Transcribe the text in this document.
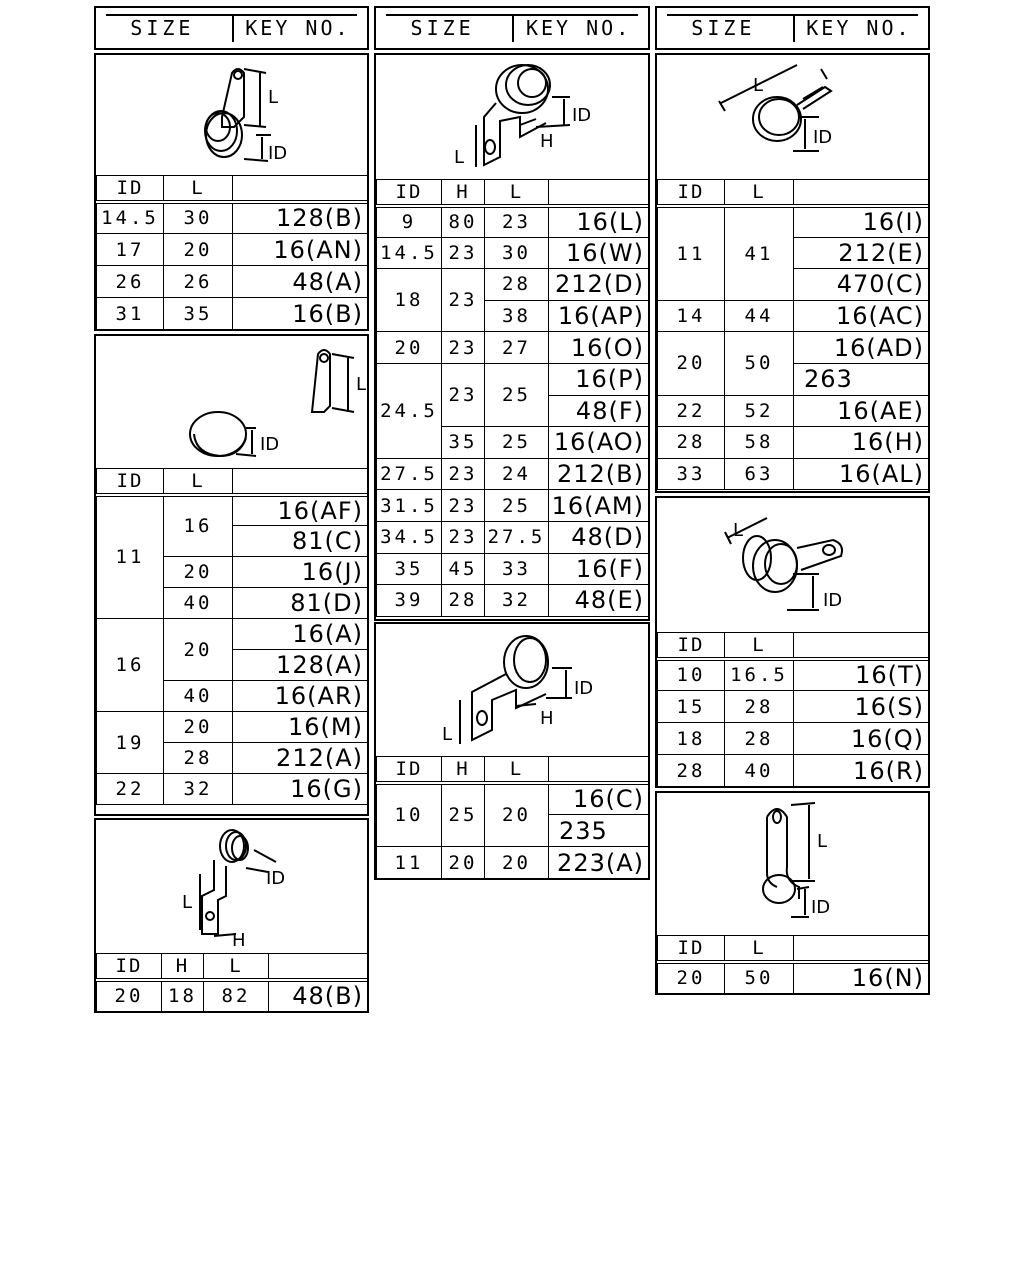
SIZE	KEY NO.	SIZE	KEY NO.	SIZE	KEY NO.
L
ID
ID	L	
14.5	30	128(B)
17	20	16(AN)
26	26	48(A)
31	35	16(B)
L
ID
ID	L	
11	16	16(AF)
		81(C)
	20	16(J)
	40	81(D)
16	20	16(A)
		128(A)
	40	16(AR)
19	20	16(M)
	28	212(A)
22	32	16(G)
ID
L
H
ID	H	L	
20	18	82	48(B)
ID
H
L
ID	H	L	
9	80	23	16(L)
14.5	23	30	16(W)
18	23	28	212(D)
		38	16(AP)
20	23	27	16(O)
24.5	23	25	16(P)
			48(F)
	35	25	16(AO)
27.5	23	24	212(B)
31.5	23	25	16(AM)
34.5	23	27.5	48(D)
35	45	33	16(F)
39	28	32	48(E)
ID
H
L
ID	H	L	
10	25	20	16(C)
			235
11	20	20	223(A)
L
ID
ID	L	
11	41	16(I)
		212(E)
		470(C)
14	44	16(AC)
20	50	16(AD)
		263
22	52	16(AE)
28	58	16(H)
33	63	16(AL)
L
ID
ID	L	
10	16.5	16(T)
15	28	16(S)
18	28	16(Q)
28	40	16(R)
L
ID
ID	L	
20	50	16(N)
